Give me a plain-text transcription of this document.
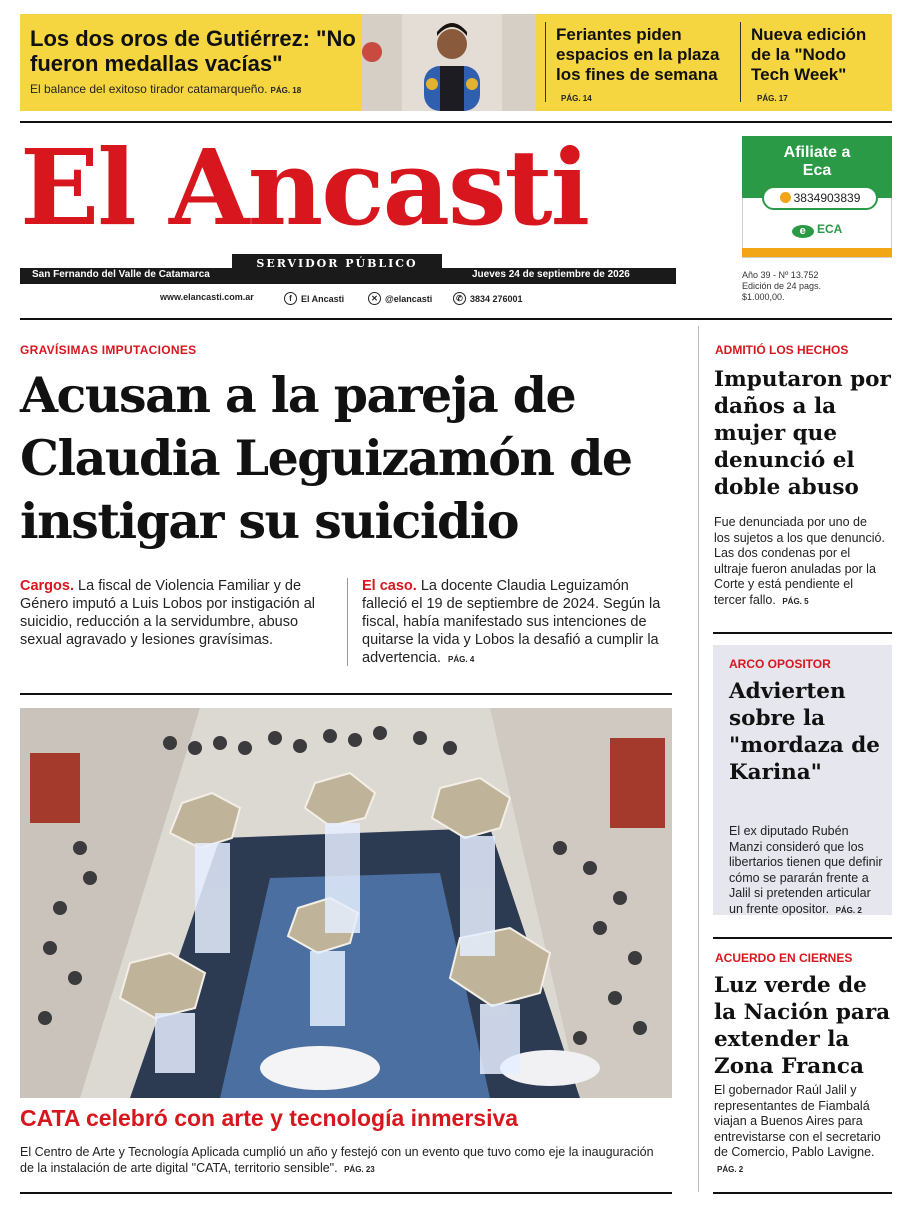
Los dos oros de Gutiérrez: "No fueron medallas vacías"
El balance del exitoso tirador catamarqueño. PÁG. 18
Feriantes piden espacios en la plaza los fines de semana
PÁG. 14
Nueva edición de la "Nodo Tech Week"
PÁG. 17
El Ancasti
San Fernando del Valle de Catamarca
SERVIDOR PÚBLICO
Jueves 24 de septiembre de 2026
www.elancasti.com.ar	f	El Ancasti	✕ @elancasti	✆ 3834 276001
Afiliate a Eca
3834903839
e ECA
Año 39 - Nº 13.752
Edición de 24 pags.
$1.000,00.
GRAVÍSIMAS IMPUTACIONES
Acusan a la pareja de Claudia Leguizamón de instigar su suicidio
Cargos. La fiscal de Violencia Familiar y de Género imputó a Luis Lobos por instigación al suicidio, reducción a la servidumbre, abuso sexual agravado y lesiones gravísimas.
El caso. La docente Claudia Leguizamón falleció el 19 de septiembre de 2024. Según la fiscal, había manifestado sus intenciones de quitarse la vida y Lobos la desafió a cumplir la advertencia. PÁG. 4
CATA celebró con arte y tecnología inmersiva
El Centro de Arte y Tecnología Aplicada cumplió un año y festejó con un evento que tuvo como eje la inauguración de la instalación de arte digital "CATA, territorio sensible". PÁG. 23
ADMITIÓ LOS HECHOS
Imputaron por daños a la mujer que denunció el doble abuso
Fue denunciada por uno de los sujetos a los que denunció. Las dos condenas por el ultraje fueron anuladas por la Corte y está pendiente el tercer fallo. PÁG. 5
ARCO OPOSITOR
Advierten sobre la "mordaza de Karina"
El ex diputado Rubén Manzi consideró que los libertarios tienen que definir cómo se pararán frente a Jalil si pretenden articular un frente opositor. PÁG. 2
ACUERDO EN CIERNES
Luz verde de la Nación para extender la Zona Franca
El gobernador Raúl Jalil y representantes de Fiambalá viajan a Buenos Aires para entrevistarse con el secretario de Comercio, Pablo Lavigne. PÁG. 2
